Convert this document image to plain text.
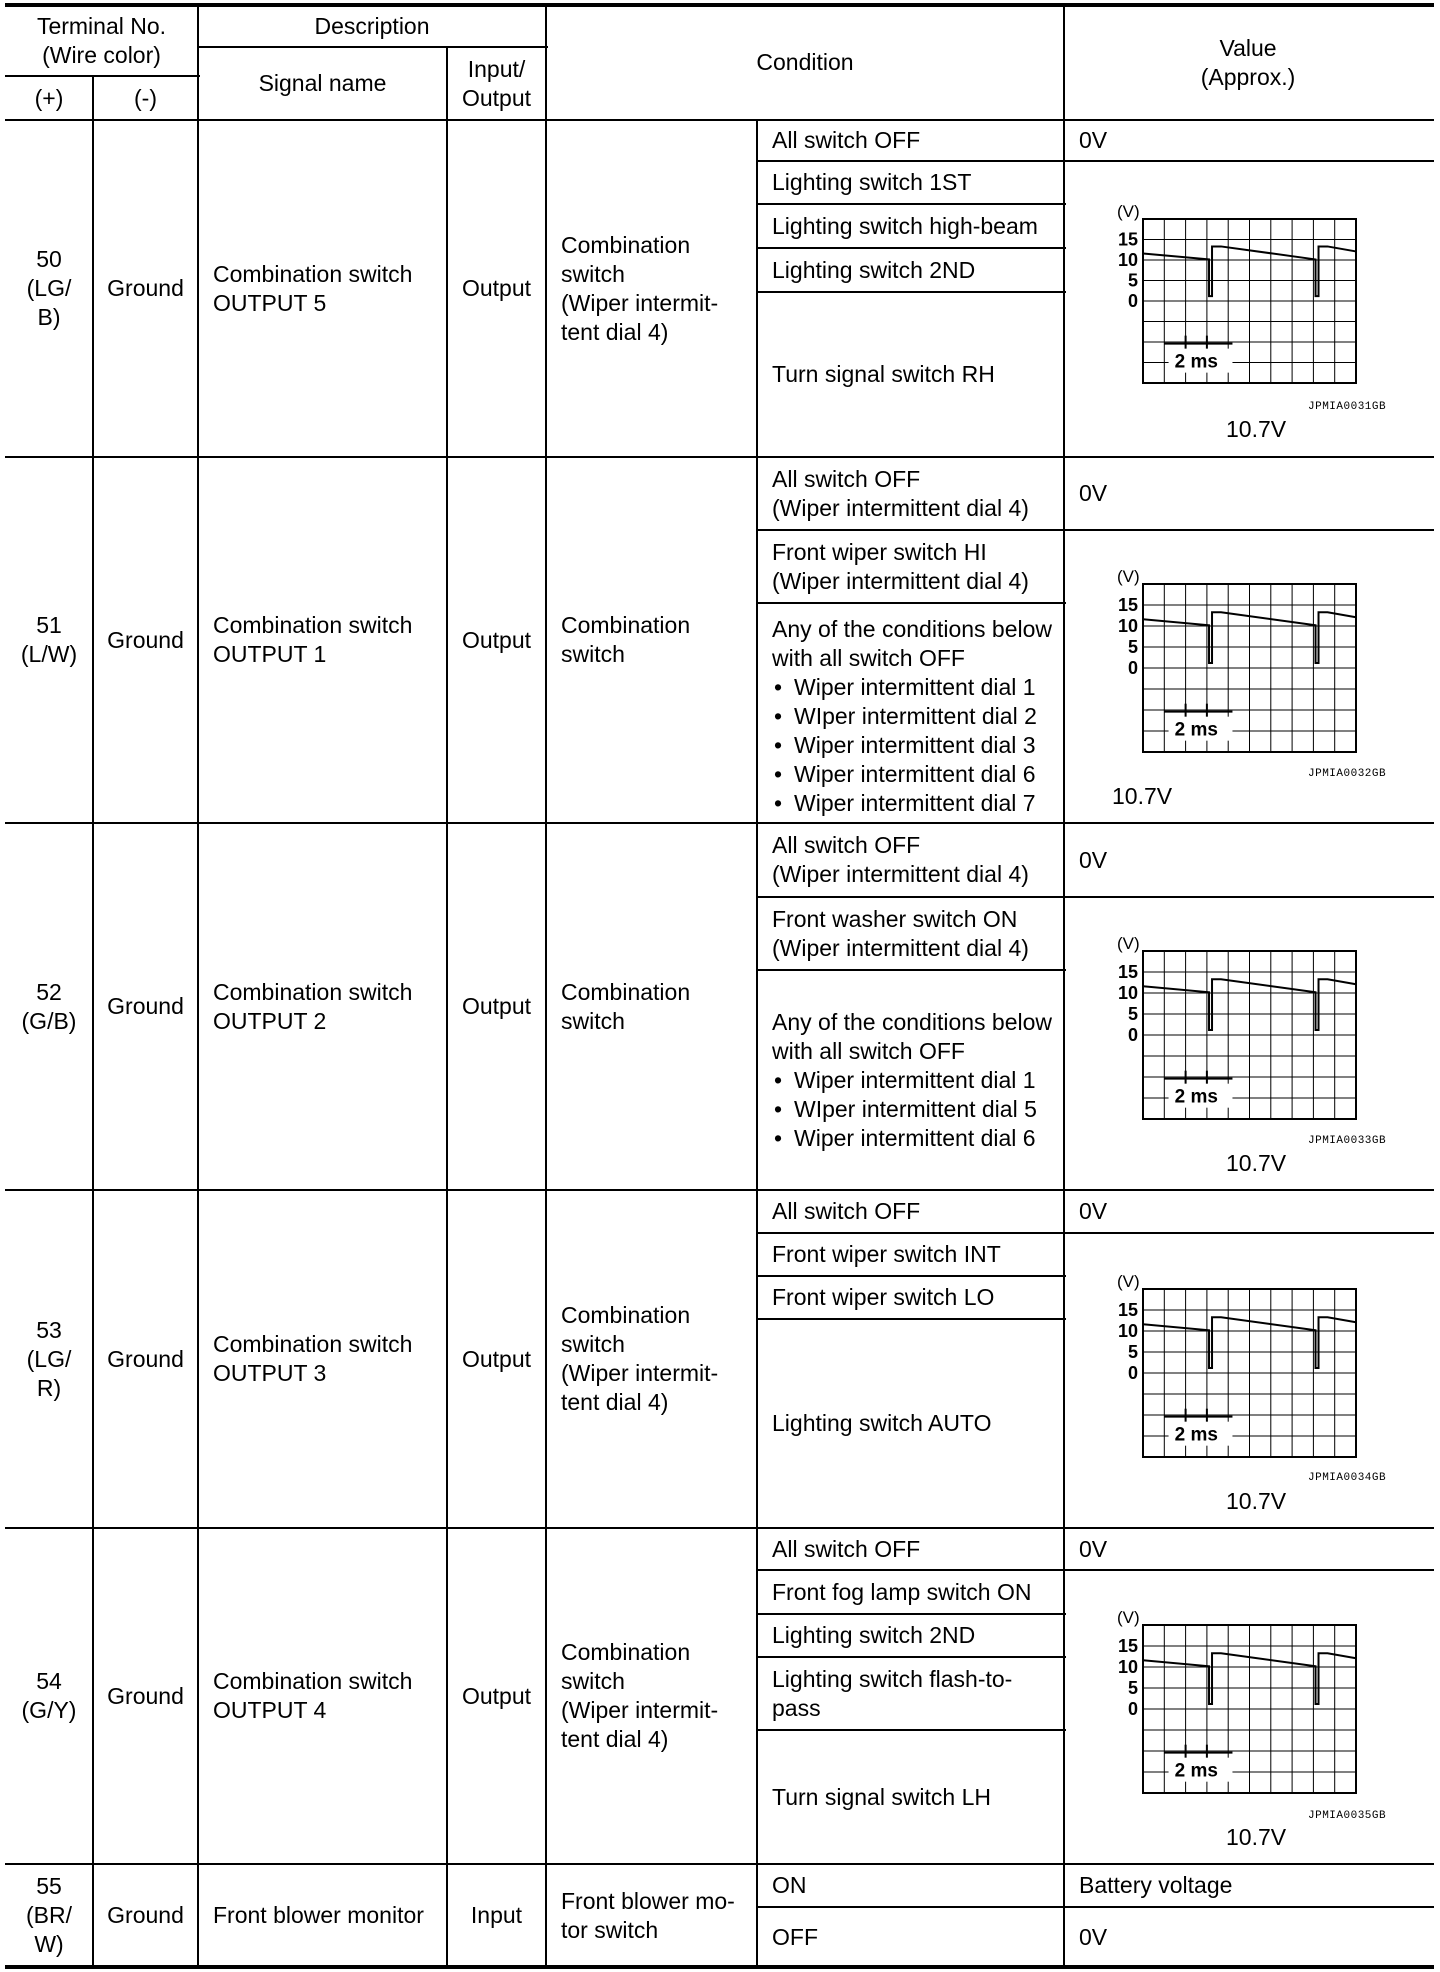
Terminal No.
(Wire color)
(+)	(-)
Description
Signal name
Input/
Output
Condition
Value
(Approx.)
50
(LG/
B)
Ground
Combination switch
OUTPUT 5
Output
Combination
switch
(Wiper intermit-
tent dial 4)
All switch OFF
Lighting switch 1ST
Lighting switch high-beam
Lighting switch 2ND
Turn signal switch RH
0V
15
10
5
0
(V)
2 ms
JPMIA0031GB
10.7V
51
(L/W)
Ground
Combination switch
OUTPUT 1
Output
Combination
switch
All switch OFF
(Wiper intermittent dial 4)
Front wiper switch HI
(Wiper intermittent dial 4)
Any of the conditions below
with all switch OFF
• Wiper intermittent dial 1
• WIper intermittent dial 2
• Wiper intermittent dial 3
• Wiper intermittent dial 6
• Wiper intermittent dial 7
0V
15
10
5
0
(V)
2 ms
JPMIA0032GB
10.7V
52
(G/B)
Ground
Combination switch
OUTPUT 2
Output
Combination
switch
All switch OFF
(Wiper intermittent dial 4)
Front washer switch ON
(Wiper intermittent dial 4)
Any of the conditions below
with all switch OFF
• Wiper intermittent dial 1
• WIper intermittent dial 5
• Wiper intermittent dial 6
0V
15
10
5
0
(V)
2 ms
JPMIA0033GB
10.7V
53
(LG/
R)
Ground
Combination switch
OUTPUT 3
Output
Combination
switch
(Wiper intermit-
tent dial 4)
All switch OFF
Front wiper switch INT
Front wiper switch LO
Lighting switch AUTO
0V
15
10
5
0
(V)
2 ms
JPMIA0034GB
10.7V
54
(G/Y)
Ground
Combination switch
OUTPUT 4
Output
Combination
switch
(Wiper intermit-
tent dial 4)
All switch OFF
Front fog lamp switch ON
Lighting switch 2ND
Lighting switch flash-to-
pass
Turn signal switch LH
0V
15
10
5
0
(V)
2 ms
JPMIA0035GB
10.7V
55
(BR/
W)
Ground Front blower monitor Input
Front blower mo-
tor switch
ON
OFF
Battery voltage
0V
